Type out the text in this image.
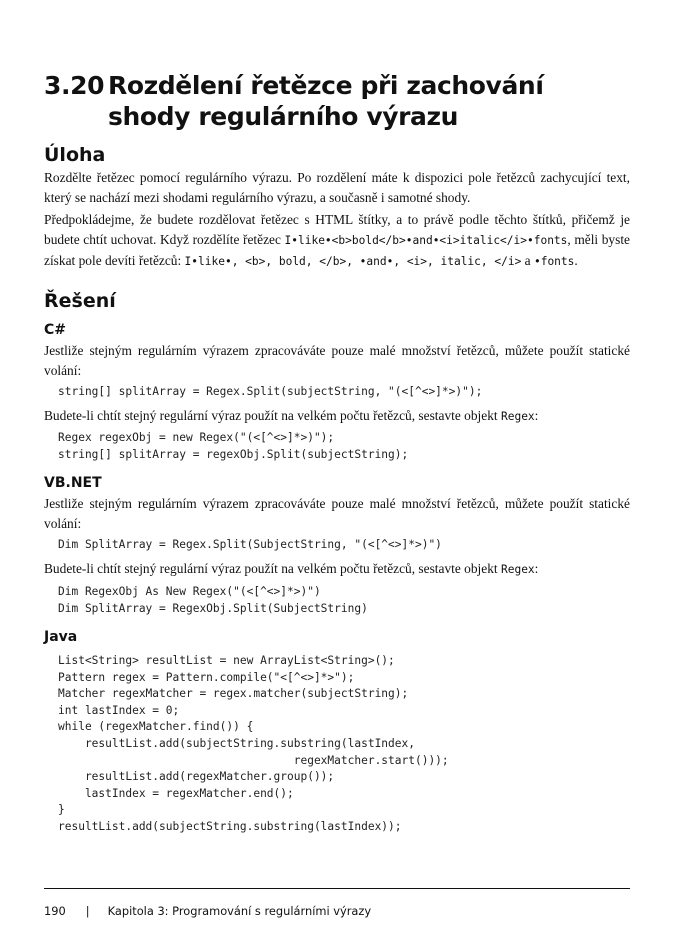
3.20 Rozdělení řetězce při zachování shody regulárního výrazu
Úloha

Rozdělte řetězec pomocí regulárního výrazu. Po rozdělení máte k dispozici pole řetězců zachycující text, který se nachází mezi shodami regulárního výrazu, a současně i samotné shody.

Předpokládejme, že budete rozdělovat řetězec s HTML štítky, a to právě podle těchto štítků, přičemž je budete chtít uchovat. Když rozdělíte řetězec I•like•<b>bold</b>•and•<i>italic</i>•fonts, měli byste získat pole devíti řetězců: I•like•, <b>, bold, </b>, •and•, <i>, italic, </i> a •fonts.

Řešení
C#

Jestliže stejným regulárním výrazem zpracováváte pouze malé množství řetězců, můžete použít statické volání:

string[] splitArray = Regex.Split(subjectString, "(<[^<>]*>)");

Budete-li chtít stejný regulární výraz použít na velkém počtu řetězců, sestavte objekt Regex:

Regex regexObj = new Regex("(<[^<>]*>)");
string[] splitArray = regexObj.Split(subjectString);
VB.NET

Jestliže stejným regulárním výrazem zpracováváte pouze malé množství řetězců, můžete použít statické volání:

Dim SplitArray = Regex.Split(SubjectString, "(<[^<>]*>)")

Budete-li chtít stejný regulární výraz použít na velkém počtu řetězců, sestavte objekt Regex:

Dim RegexObj As New Regex("(<[^<>]*>)")
Dim SplitArray = RegexObj.Split(SubjectString)
Java
List<String> resultList = new ArrayList<String>();
Pattern regex = Pattern.compile("<[^<>]*>");
Matcher regexMatcher = regex.matcher(subjectString);
int lastIndex = 0;
while (regexMatcher.find()) {
resultList.add(subjectString.substring(lastIndex,
regexMatcher.start()));
resultList.add(regexMatcher.group());
lastIndex = regexMatcher.end();
}
resultList.add(subjectString.substring(lastIndex));
190 | Kapitola 3: Programování s regulárními výrazy
